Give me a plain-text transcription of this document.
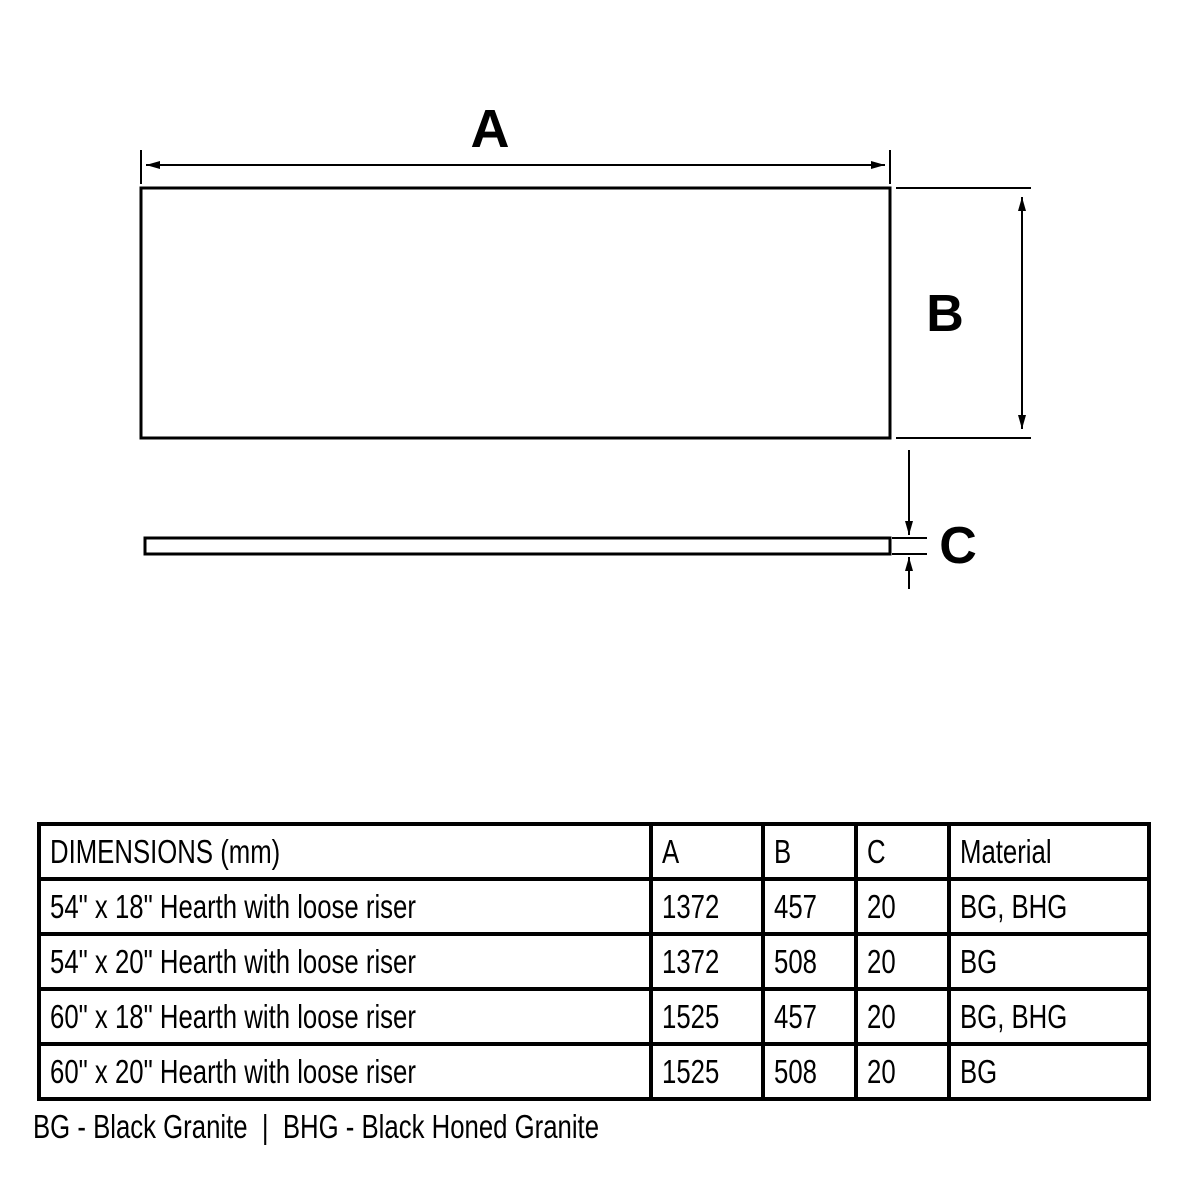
A
B
C
DIMENSIONS (mm)	A	B	C	Material
54" x 18" Hearth with loose riser	1372	457	20	BG, BHG
54" x 20" Hearth with loose riser	1372	508	20	BG
60" x 18" Hearth with loose riser	1525	457	20	BG, BHG
60" x 20" Hearth with loose riser	1525	508	20	BG
BG - Black Granite  |  BHG - Black Honed Granite
